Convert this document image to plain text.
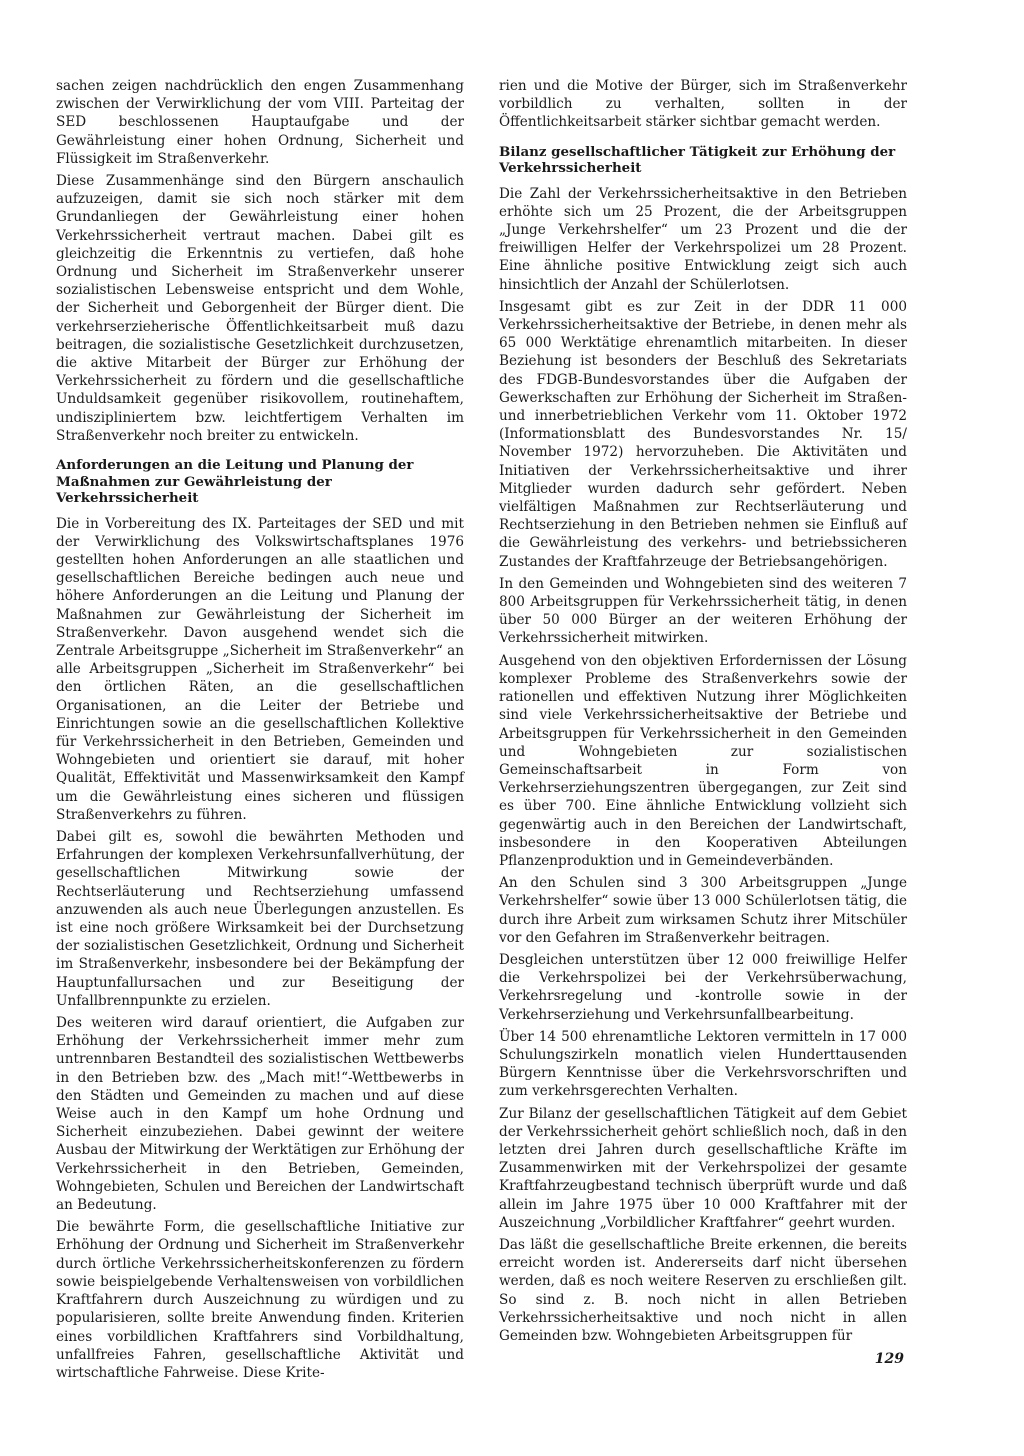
sachen zeigen nachdrücklich den engen Zusammenhang zwischen der Verwirklichung der vom VIII. Parteitag der SED beschlossenen Hauptaufgabe und der Gewährleistung einer hohen Ordnung, Sicherheit und Flüssigkeit im Straßenverkehr.

Diese Zusammenhänge sind den Bürgern anschaulich aufzuzeigen, damit sie sich noch stärker mit dem Grundanliegen der Gewährleistung einer hohen Verkehrssicherheit vertraut machen. Dabei gilt es gleichzeitig die Erkenntnis zu vertiefen, daß hohe Ordnung und Sicherheit im Straßenverkehr unserer sozialistischen Lebensweise entspricht und dem Wohle, der Sicherheit und Geborgenheit der Bürger dient. Die verkehrserzieherische Öffentlichkeitsarbeit muß dazu beitragen, die sozialistische Gesetzlichkeit durchzusetzen, die aktive Mitarbeit der Bürger zur Erhöhung der Verkehrssicherheit zu fördern und die gesellschaftliche Unduldsamkeit gegenüber risikovollem, routinehaftem, undiszipliniertem bzw. leichtfertigem Verhalten im Straßenverkehr noch breiter zu entwickeln.

Anforderungen an die Leitung und Planung der Maßnahmen zur Gewährleistung der Verkehrssicherheit

Die in Vorbereitung des IX. Parteitages der SED und mit der Verwirklichung des Volkswirtschaftsplanes 1976 gestellten hohen Anforderungen an alle staatlichen und gesellschaftlichen Bereiche bedingen auch neue und höhere Anforderungen an die Leitung und Planung der Maßnahmen zur Gewährleistung der Sicherheit im Straßenverkehr. Davon ausgehend wendet sich die Zentrale Arbeitsgruppe „Sicherheit im Straßenverkehr“ an alle Arbeitsgruppen „Sicherheit im Straßenverkehr“ bei den örtlichen Räten, an die gesellschaftlichen Organisationen, an die Leiter der Betriebe und Einrichtungen sowie an die gesellschaftlichen Kollektive für Verkehrssicherheit in den Betrieben, Gemeinden und Wohngebieten und orientiert sie darauf, mit hoher Qualität, Effektivität und Massenwirksamkeit den Kampf um die Gewährleistung eines sicheren und flüssigen Straßenverkehrs zu führen.

Dabei gilt es, sowohl die bewährten Methoden und Erfahrungen der komplexen Verkehrsunfallverhütung, der gesellschaftlichen Mitwirkung sowie der Rechtserläuterung und Rechtserziehung umfassend anzuwenden als auch neue Überlegungen anzustellen. Es ist eine noch größere Wirksamkeit bei der Durchsetzung der sozialistischen Gesetzlichkeit, Ordnung und Sicherheit im Straßenverkehr, insbesondere bei der Bekämpfung der Hauptunfallursachen und zur Beseitigung der Unfallbrennpunkte zu erzielen.

Des weiteren wird darauf orientiert, die Aufgaben zur Erhöhung der Verkehrssicherheit immer mehr zum untrennbaren Bestandteil des sozialistischen Wettbewerbs in den Betrieben bzw. des „Mach mit!“-Wettbewerbs in den Städten und Gemeinden zu machen und auf diese Weise auch in den Kampf um hohe Ordnung und Sicherheit einzubeziehen. Dabei gewinnt der weitere Ausbau der Mitwirkung der Werktätigen zur Erhöhung der Verkehrssicherheit in den Betrieben, Gemeinden, Wohngebieten, Schulen und Bereichen der Landwirtschaft an Bedeutung.

Die bewährte Form, die gesellschaftliche Initiative zur Erhöhung der Ordnung und Sicherheit im Straßenverkehr durch örtliche Verkehrssicherheitskonferenzen zu fördern sowie beispielgebende Verhaltensweisen von vorbildlichen Kraftfahrern durch Auszeichnung zu würdigen und zu popularisieren, sollte breite Anwendung finden. Kriterien eines vorbildlichen Kraftfahrers sind Vorbildhaltung, unfallfreies Fahren, gesellschaftliche Aktivität und wirtschaftliche Fahrweise. Diese Krite-

rien und die Motive der Bürger, sich im Straßenverkehr vorbildlich zu verhalten, sollten in der Öffentlichkeitsarbeit stärker sichtbar gemacht werden.

Bilanz gesellschaftlicher Tätigkeit zur Erhöhung der Verkehrssicherheit

Die Zahl der Verkehrssicherheitsaktive in den Betrieben erhöhte sich um 25 Prozent, die der Arbeitsgruppen „Junge Verkehrshelfer“ um 23 Prozent und die der freiwilligen Helfer der Verkehrspolizei um 28 Prozent. Eine ähnliche positive Entwicklung zeigt sich auch hinsichtlich der Anzahl der Schülerlotsen.

Insgesamt gibt es zur Zeit in der DDR 11 000 Verkehrssicherheitsaktive der Betriebe, in denen mehr als 65 000 Werktätige ehrenamtlich mitarbeiten. In dieser Beziehung ist besonders der Beschluß des Sekretariats des FDGB-Bundesvorstandes über die Aufgaben der Gewerkschaften zur Erhöhung der Sicherheit im Straßen- und innerbetrieblichen Verkehr vom 11. Oktober 1972 (Informationsblatt des Bundesvorstandes Nr. 15/ November 1972) hervorzuheben. Die Aktivitäten und Initiativen der Verkehrssicherheitsaktive und ihrer Mitglieder wurden dadurch sehr gefördert. Neben vielfältigen Maßnahmen zur Rechtserläuterung und Rechtserziehung in den Betrieben nehmen sie Einfluß auf die Gewährleistung des verkehrs- und betriebssicheren Zustandes der Kraftfahrzeuge der Betriebsangehörigen.

In den Gemeinden und Wohngebieten sind des weiteren 7 800 Arbeitsgruppen für Verkehrssicherheit tätig, in denen über 50 000 Bürger an der weiteren Erhöhung der Verkehrssicherheit mitwirken.

Ausgehend von den objektiven Erfordernissen der Lösung komplexer Probleme des Straßenverkehrs sowie der rationellen und effektiven Nutzung ihrer Möglichkeiten sind viele Verkehrssicherheitsaktive der Betriebe und Arbeitsgruppen für Verkehrssicherheit in den Gemeinden und Wohngebieten zur sozialistischen Gemeinschaftsarbeit in Form von Verkehrserziehungszentren übergegangen, zur Zeit sind es über 700. Eine ähnliche Entwicklung vollzieht sich gegenwärtig auch in den Bereichen der Landwirtschaft, insbesondere in den Kooperativen Abteilungen Pflanzenproduktion und in Gemeindeverbänden.

An den Schulen sind 3 300 Arbeitsgruppen „Junge Verkehrshelfer“ sowie über 13 000 Schülerlotsen tätig, die durch ihre Arbeit zum wirksamen Schutz ihrer Mitschüler vor den Gefahren im Straßenverkehr beitragen.

Desgleichen unterstützen über 12 000 freiwillige Helfer die Verkehrspolizei bei der Verkehrsüberwachung, Verkehrsregelung und -kontrolle sowie in der Verkehrserziehung und Verkehrsunfallbearbeitung.

Über 14 500 ehrenamtliche Lektoren vermitteln in 17 000 Schulungszirkeln monatlich vielen Hunderttausenden Bürgern Kenntnisse über die Verkehrsvorschriften und zum verkehrsgerechten Verhalten.

Zur Bilanz der gesellschaftlichen Tätigkeit auf dem Gebiet der Verkehrssicherheit gehört schließlich noch, daß in den letzten drei Jahren durch gesellschaftliche Kräfte im Zusammenwirken mit der Verkehrspolizei der gesamte Kraftfahrzeugbestand technisch überprüft wurde und daß allein im Jahre 1975 über 10 000 Kraftfahrer mit der Auszeichnung „Vorbildlicher Kraftfahrer“ geehrt wurden.

Das läßt die gesellschaftliche Breite erkennen, die bereits erreicht worden ist. Andererseits darf nicht übersehen werden, daß es noch weitere Reserven zu erschließen gilt. So sind z. B. noch nicht in allen Betrieben Verkehrssicherheitsaktive und noch nicht in allen Gemeinden bzw. Wohngebieten Arbeitsgruppen für

129
